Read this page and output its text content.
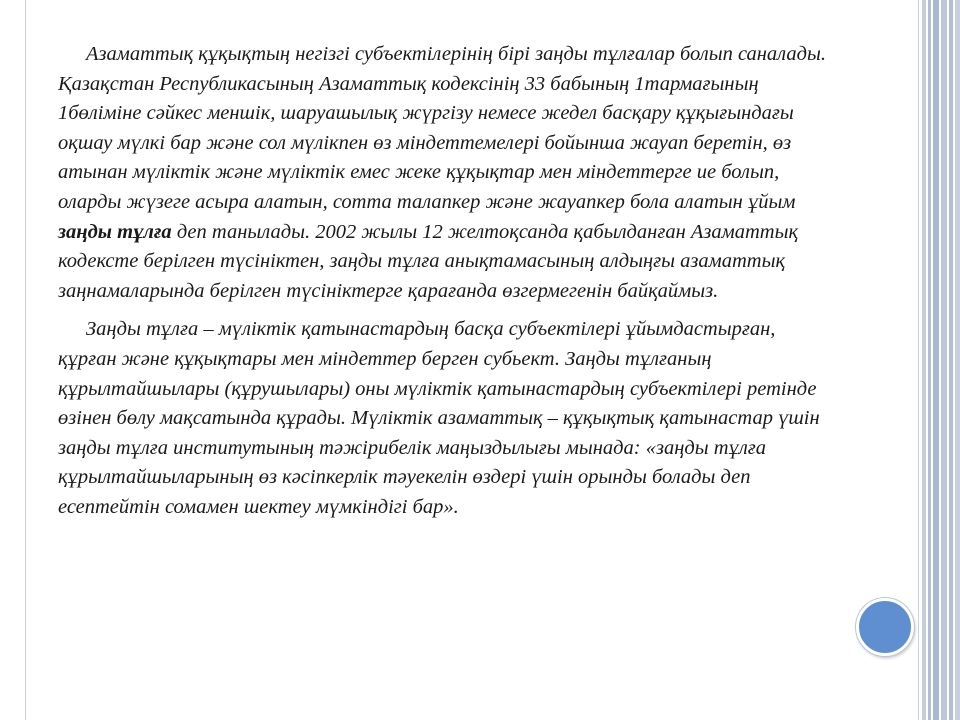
Азаматтық құқықтың негізгі субъектілерінің бірі заңды тұлғалар болып саналады. Қазақстан Республикасының Азаматтық кодексінің 33 бабының 1тармағының 1бөліміне сәйкес меншік, шаруашылық жүргізу немесе жедел басқару құқығындағы оқшау мүлкі бар және сол мүлікпен өз міндеттемелері бойынша жауап беретін, өз атынан мүліктік және мүліктік емес жеке құқықтар мен міндеттерге ие болып, оларды жүзеге асыра алатын, сотта талапкер және жауапкер бола алатын ұйым заңды тұлға деп танылады. 2002 жылы 12 желтоқсанда қабылданған Азаматтық кодексте берілген түсініктен, заңды тұлға анықтамасының алдыңғы азаматтық заңнамаларында берілген түсініктерге қарағанда өзгермегенін байқаймыз.

Заңды тұлға – мүліктік қатынастардың басқа субъектілері ұйымдастырған, құрған және құқықтары мен міндеттер берген субьект. Заңды тұлғаның құрылтайшылары (құрушылары) оны мүліктік қатынастардың субъектілері ретінде өзінен бөлу мақсатында құрады. Мүліктік азаматтық – құқықтық қатынастар үшін заңды тұлға институтының тәжірибелік маңыздылығы мынада: «заңды тұлға құрылтайшыларының өз кәсіпкерлік тәуекелін өздері үшін орынды болады деп есептейтін сомамен шектеу мүмкіндігі бар».
